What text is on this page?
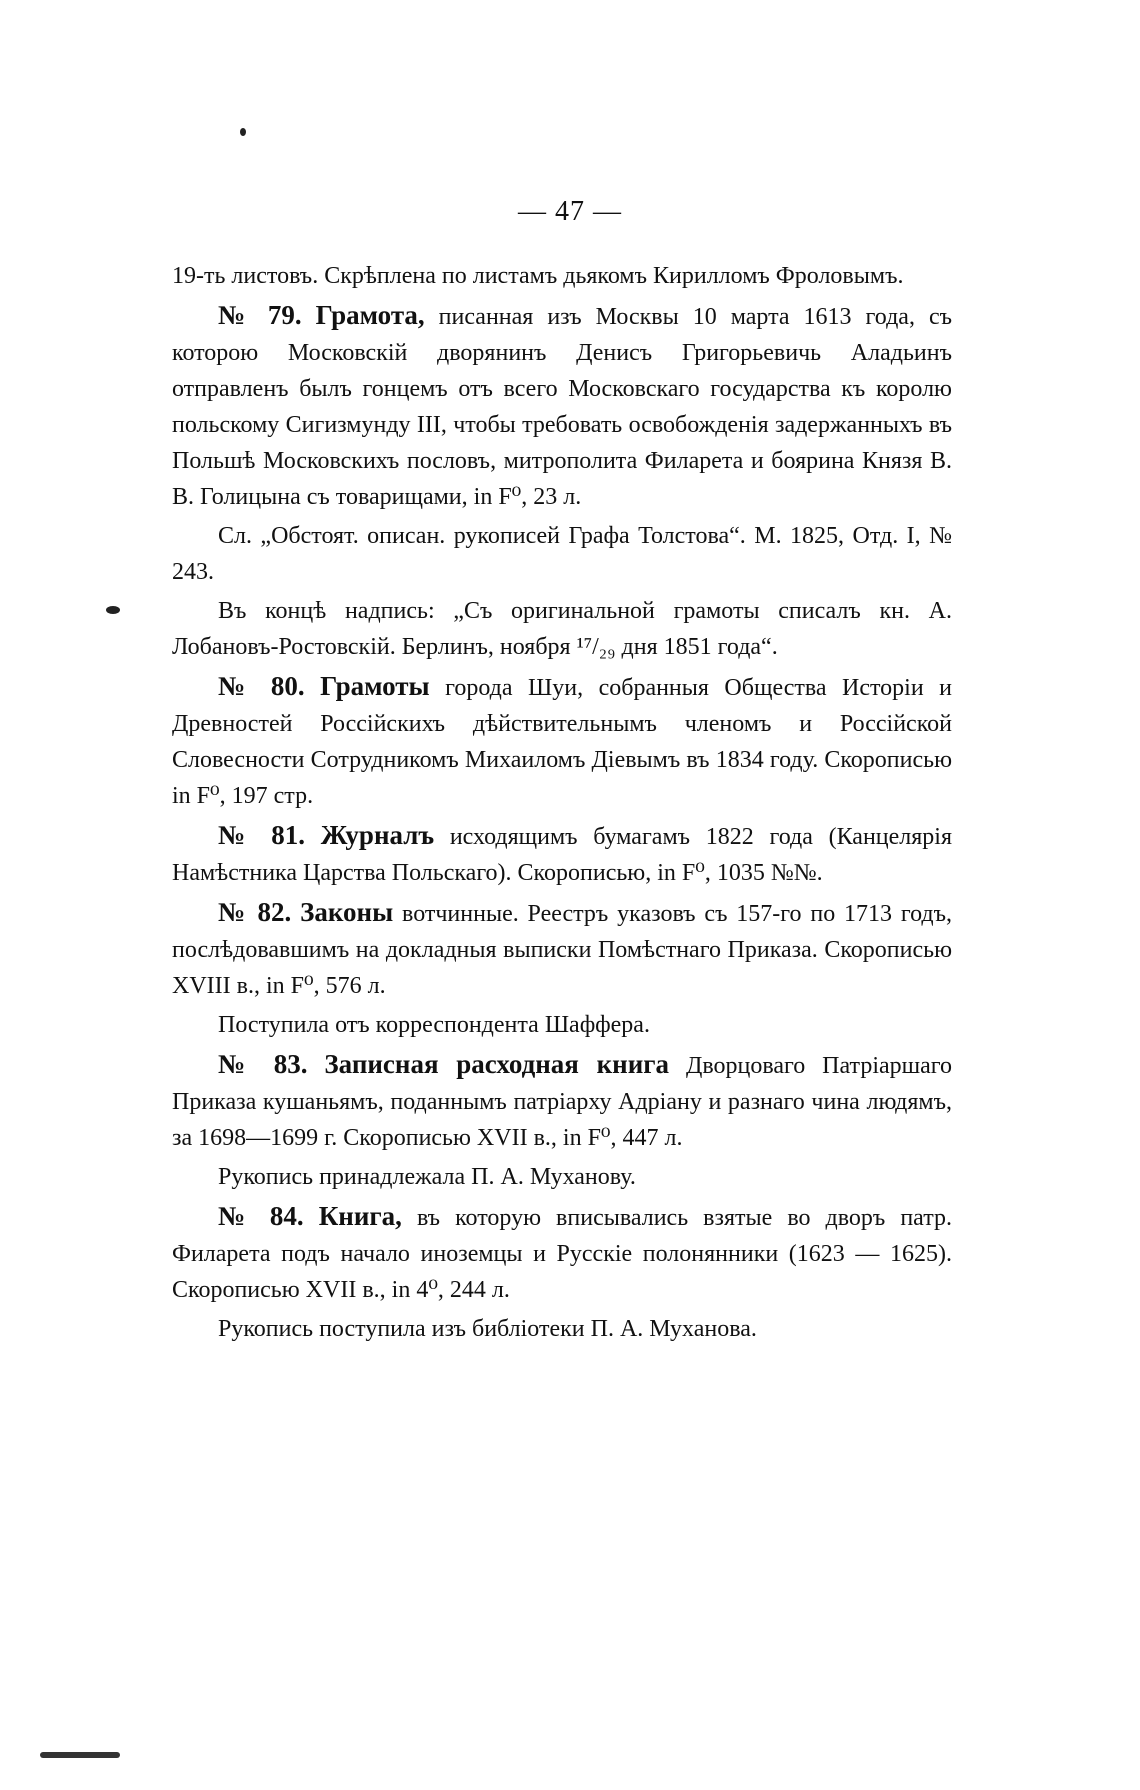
— 47 —

19-ть листовъ. Скрѣплена по листамъ дьякомъ Кирилломъ Фроловымъ.

№ 79. Грамота, писанная изъ Москвы 10 марта 1613 года, съ которою Московскій дворянинъ Денисъ Григорьевичь Аладьинъ отправленъ былъ гонцемъ отъ всего Московскаго государства къ королю польскому Сигизмунду III, чтобы требовать освобожденія задержанныхъ въ Польшѣ Московскихъ пословъ, митрополита Филарета и боярина Князя В. В. Голицына съ товарищами, in F⁰, 23 л.

Сл. „Обстоят. описан. рукописей Графа Толстова“. М. 1825, Отд. I, № 243.

Въ концѣ надпись: „Съ оригинальной грамоты списалъ кн. А. Лобановъ-Ростовскій. Берлинъ, ноября ¹⁷/₂₉ дня 1851 года“.

№ 80. Грамоты города Шуи, собранныя Общества Исторіи и Древностей Россійскихъ дѣйствительнымъ членомъ и Россійской Словесности Сотрудникомъ Михаиломъ Діевымъ въ 1834 году. Скорописью in F⁰, 197 стр.

№ 81. Журналъ исходящимъ бумагамъ 1822 года (Канцелярія Намѣстника Царства Польскаго). Скорописью, in F⁰, 1035 №№.

№ 82. Законы вотчинные. Реестръ указовъ съ 157-го по 1713 годъ, послѣдовавшимъ на докладныя выписки Помѣстнаго Приказа. Скорописью XVIII в., in F⁰, 576 л.

Поступила отъ корреспондента Шаффера.

№ 83. Записная расходная книга Дворцоваго Патріаршаго Приказа кушаньямъ, поданнымъ патріарху Адріану и разнаго чина людямъ, за 1698—1699 г. Скорописью XVII в., in F⁰, 447 л.

Рукопись принадлежала П. А. Муханову.

№ 84. Книга, въ которую вписывались взятые во дворъ патр. Филарета подъ начало иноземцы и Русскіе полонянники (1623 — 1625). Скорописью XVII в., in 4⁰, 244 л.

Рукопись поступила изъ библіотеки П. А. Муханова.
